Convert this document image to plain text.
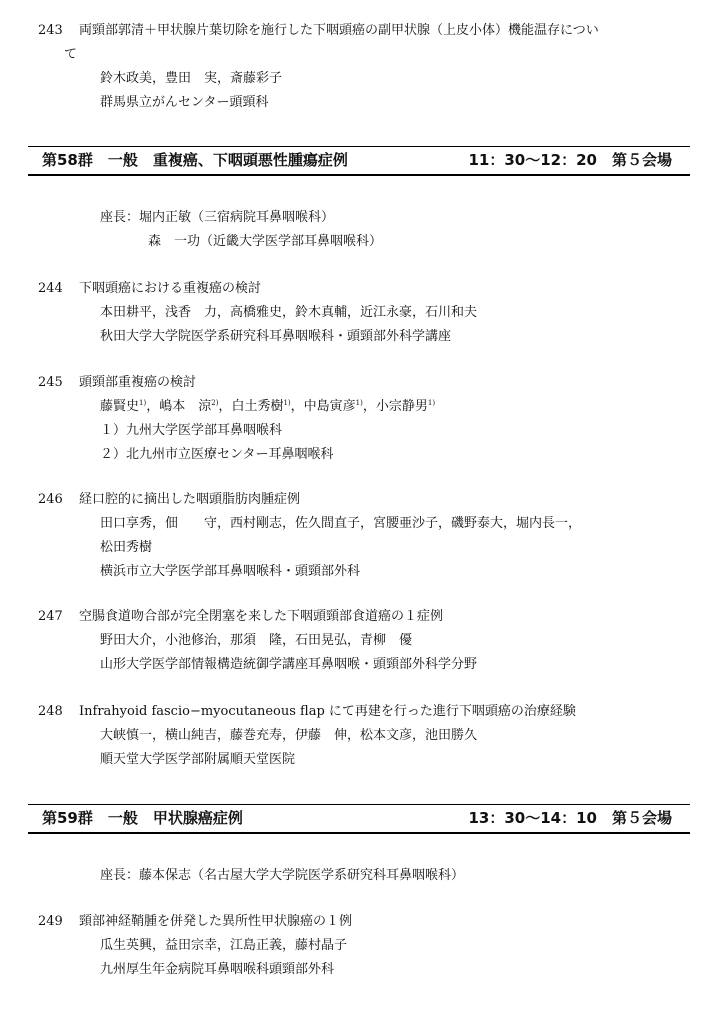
243	両頸部郭清＋甲状腺片葉切除を施行した下咽頭癌の副甲状腺（上皮小体）機能温存につい
て
鈴木政美，豊田　実，斎藤彩子
群馬県立がんセンター頭頸科
第58群　一般　重複癌、下咽頭悪性腫瘍症例	11：30〜12：20　第５会場
座長：堀内正敏（三宿病院耳鼻咽喉科）
森　一功（近畿大学医学部耳鼻咽喉科）
244	下咽頭癌における重複癌の検討
本田耕平，浅香　力，高橋雅史，鈴木真輔，近江永豪，石川和夫
秋田大学大学院医学系研究科耳鼻咽喉科・頭頸部外科学講座
245	頭頸部重複癌の検討
藤賢史$^{1)}$，嶋本　涼$^{2)}$，白土秀樹$^{1)}$，中島寅彦$^{1)}$，小宗静男$^{1)}$
１）九州大学医学部耳鼻咽喉科
２）北九州市立医療センター耳鼻咽喉科
246	経口腔的に摘出した咽頭脂肪肉腫症例
田口享秀，佃　　守，西村剛志，佐久間直子，宮腰亜沙子，磯野泰大，堀内長一，
松田秀樹
横浜市立大学医学部耳鼻咽喉科・頭頸部外科
247	空腸食道吻合部が完全閉塞を来した下咽頭頸部食道癌の１症例
野田大介，小池修治，那須　隆，石田晃弘，青柳　優
山形大学医学部情報構造統御学講座耳鼻咽喉・頭頸部外科学分野
248	Infrahyoid fascio−myocutaneous flap にて再建を行った進行下咽頭癌の治療経験
大峡慎一，横山純吉，藤巻充寿，伊藤　伸，松本文彦，池田勝久
順天堂大学医学部附属順天堂医院
第59群　一般　甲状腺癌症例	13：30〜14：10　第５会場
座長：藤本保志（名古屋大学大学院医学系研究科耳鼻咽喉科）
249	頸部神経鞘腫を併発した異所性甲状腺癌の１例
瓜生英興，益田宗幸，江島正義，藤村晶子
九州厚生年金病院耳鼻咽喉科頭頸部外科
